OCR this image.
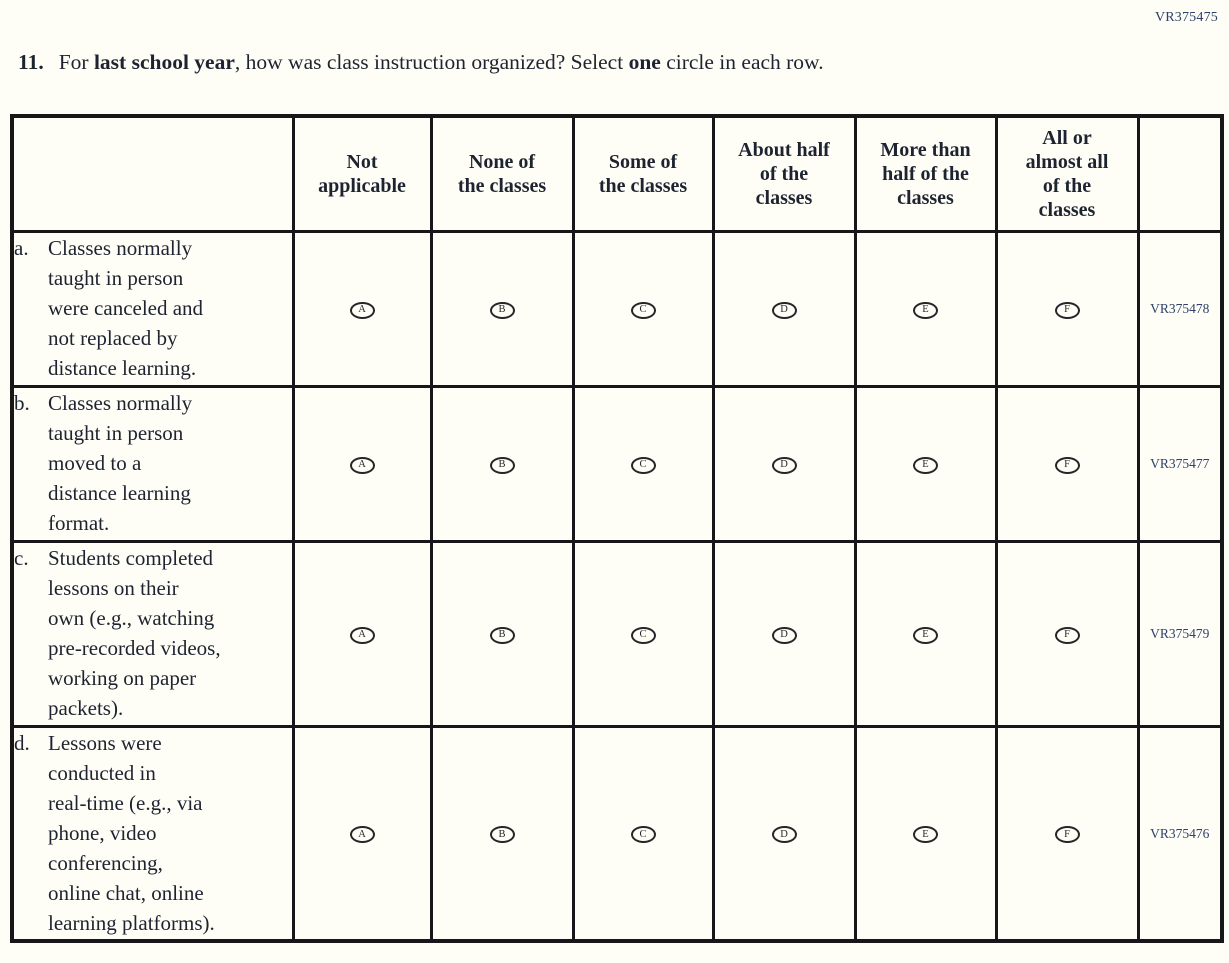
VR375475
11. For last school year, how was class instruction organized? Select one circle in each row.
	Not
applicable	None of
the classes	Some of
the classes	About half
of the
classes	More than
half of the
classes	All or
almost all
of the
classes	

a. Classes normally
taught in person
were canceled and
not replaced by
distance learning.
	A	B	C	D	E	F	VR375478

b. Classes normally
taught in person
moved to a
distance learning
format.
	A	B	C	D	E	F	VR375477

c. Students completed
lessons on their
own (e.g., watching
pre-recorded videos,
working on paper
packets).
	A	B	C	D	E	F	VR375479

d. Lessons were
conducted in
real-time (e.g., via
phone, video
conferencing,
online chat, online
learning platforms).
	A	B	C	D	E	F	VR375476
